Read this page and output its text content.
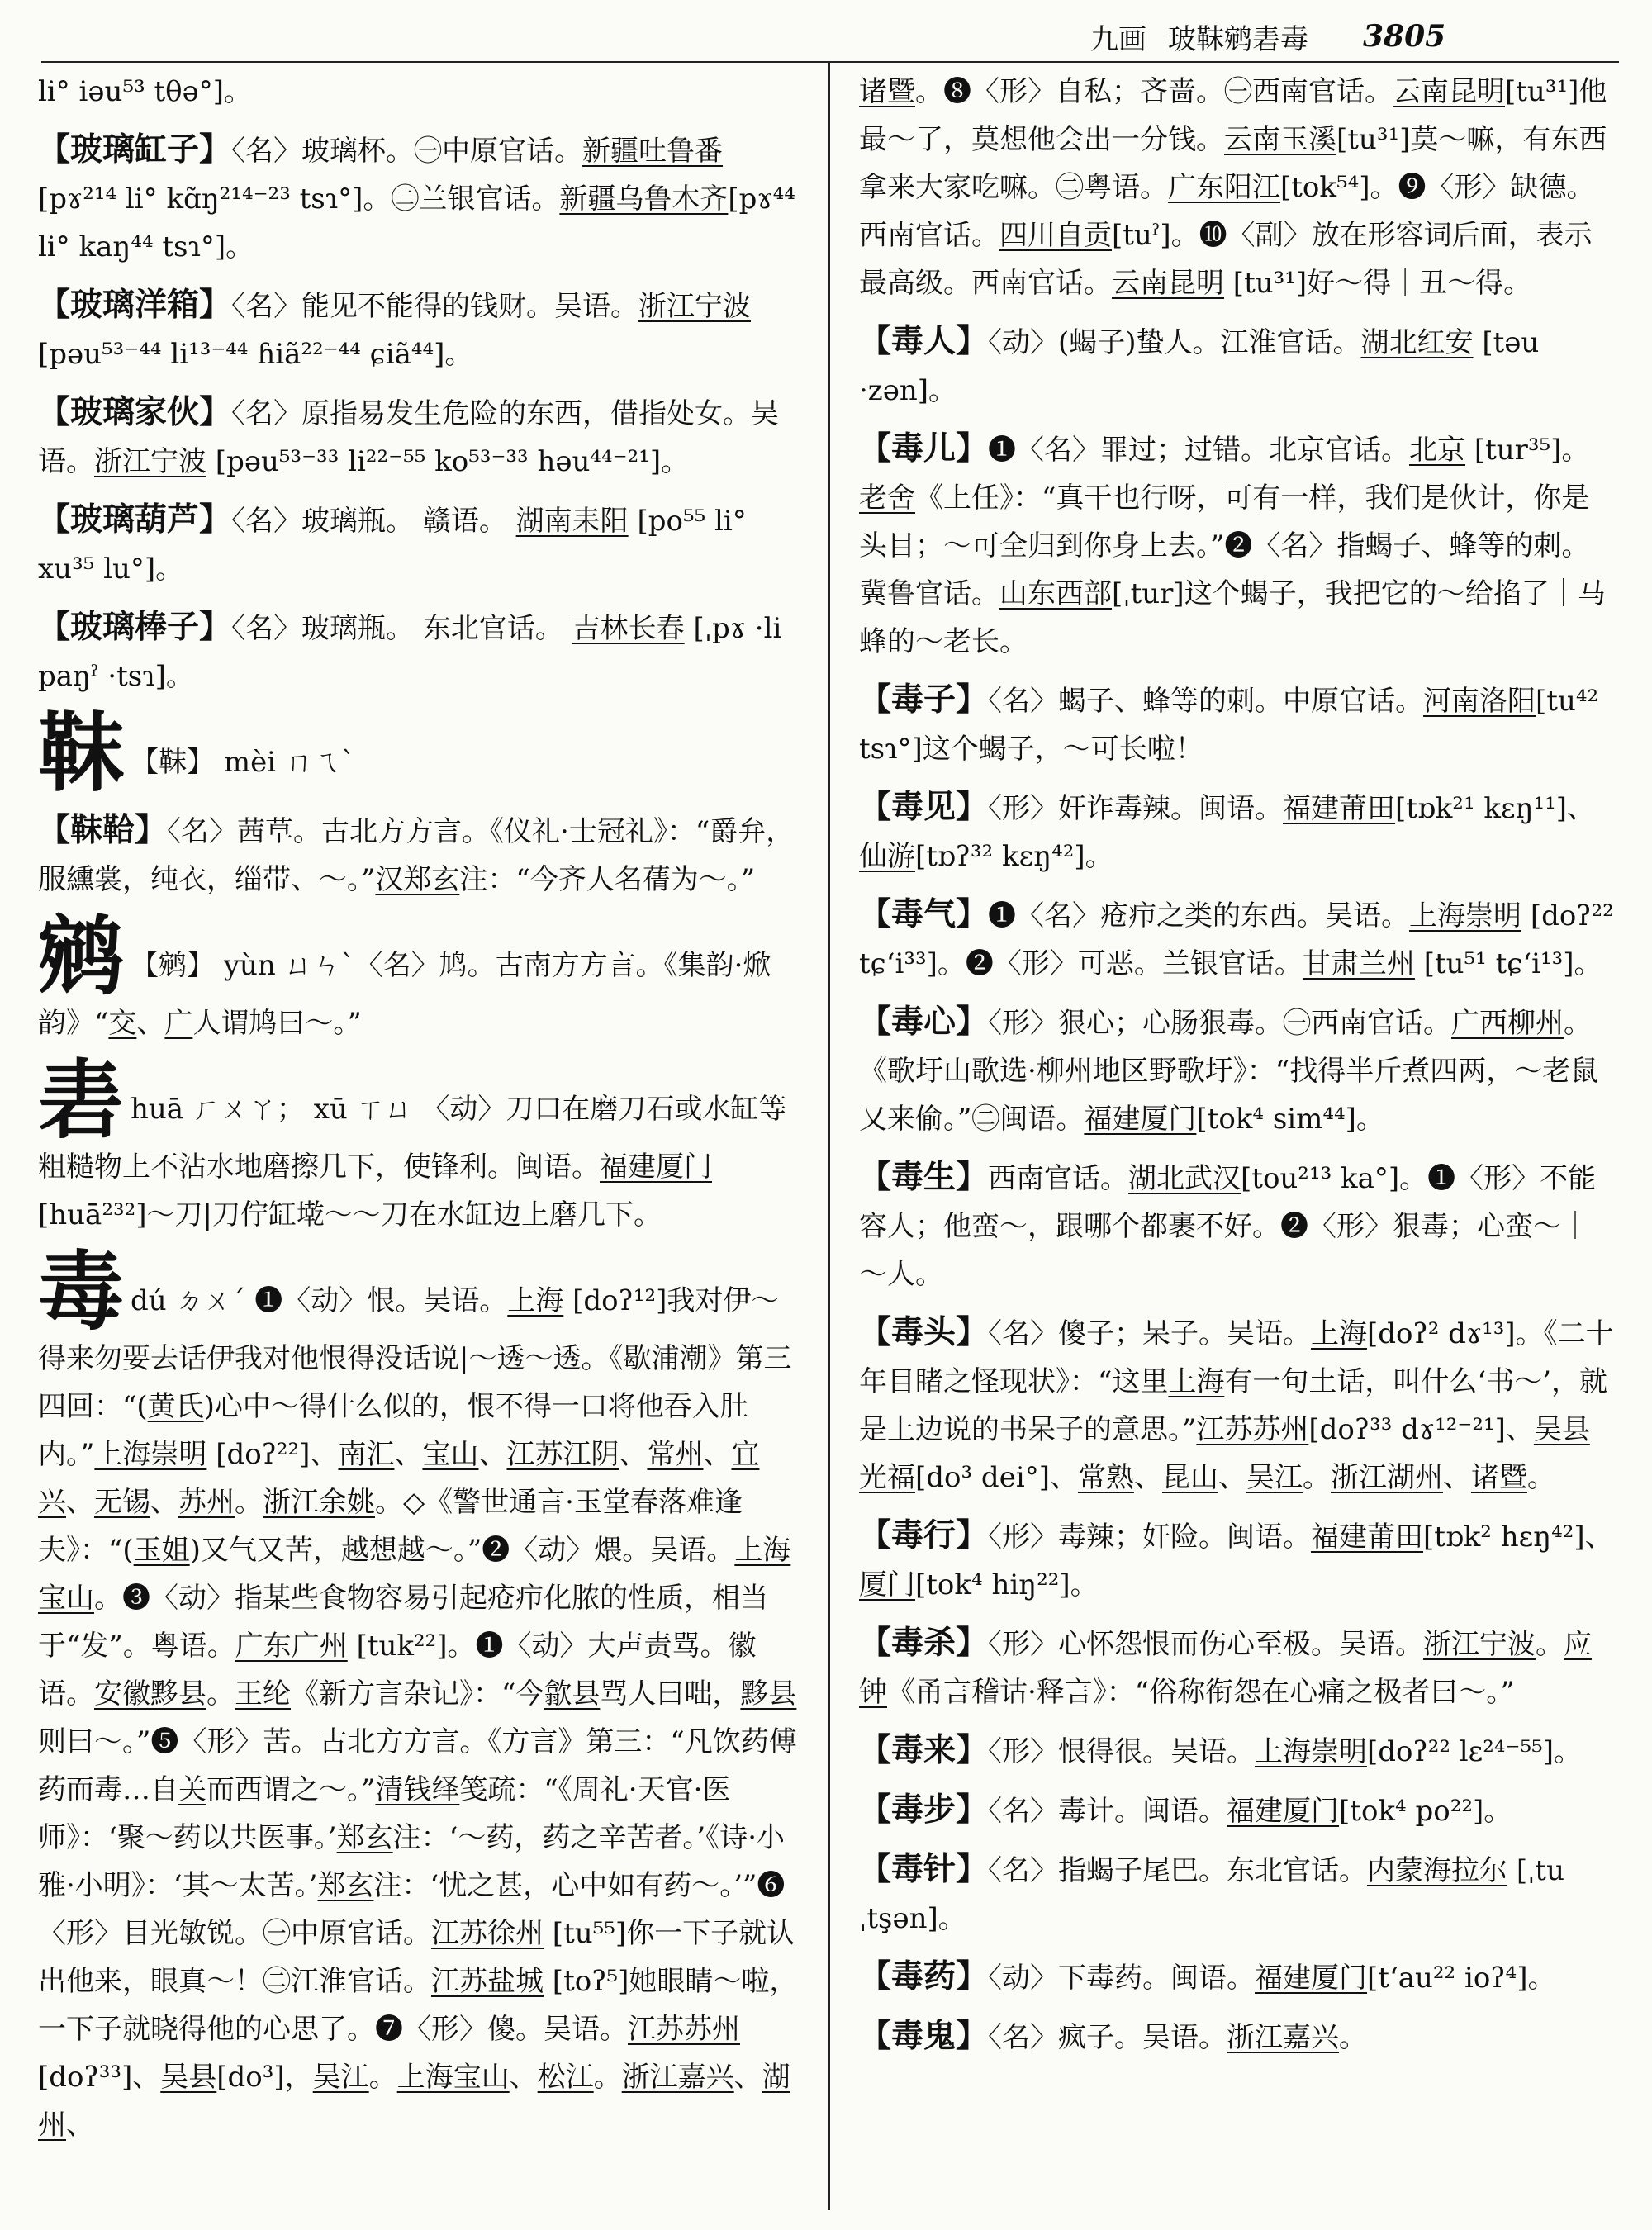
九画 玻靺鹓砉毒 3805

li° iəu⁵³ tθə°]。

【玻璃缸子】〈名〉玻璃杯。㊀中原官话。新疆吐鲁番[pɤ²¹⁴ li° kɑ̃ŋ²¹⁴⁻²³ tsɿ°]。㊁兰银官话。新疆乌鲁木齐[pɤ⁴⁴ li° kaŋ⁴⁴ tsɿ°]。

【玻璃洋箱】〈名〉能见不能得的钱财。吴语。浙江宁波[pəu⁵³⁻⁴⁴ li¹³⁻⁴⁴ ɦiã²²⁻⁴⁴ ɕiã⁴⁴]。

【玻璃家伙】〈名〉原指易发生危险的东西，借指处女。吴语。浙江宁波 [pəu⁵³⁻³³ li²²⁻⁵⁵ ko⁵³⁻³³ həu⁴⁴⁻²¹]。

【玻璃葫芦】〈名〉玻璃瓶。 赣语。 湖南耒阳 [po⁵⁵ li° xu³⁵ lu°]。

【玻璃棒子】〈名〉玻璃瓶。 东北官话。 吉林长春 [ˌpɤ ·li paŋˀ ·tsɿ]。

靺 【靺】 mèi ㄇㄟˋ

【靺鞈】〈名〉茜草。古北方方言。《仪礼·士冠礼》：“爵弁，服纁裳，纯衣，缁带、～。”汉郑玄注：“今齐人名蒨为～。”

鹓 【鹓】 yùn ㄩㄣˋ〈名〉鸠。古南方方言。《集韵·焮韵》“交、广人谓鸠曰～。”

砉huā ㄏㄨㄚ； xū ㄒㄩ 〈动〉刀口在磨刀石或水缸等粗糙物上不沾水地磨擦几下，使锋利。闽语。福建厦门[huā²³²]～刀|刀佇缸墘～～刀在水缸边上磨几下。

毒dú ㄉㄨˊ ❶〈动〉恨。吴语。上海 [doʔ¹²]我对伊～得来勿要去话伊我对他恨得没话说|～透～透。《歇浦潮》第三四回：“(黄氏)心中～得什么似的，恨不得一口将他吞入肚内。”上海崇明 [doʔ²²]、南汇、宝山、江苏江阴、常州、宜兴、无锡、苏州。浙江余姚。◇《警世通言·玉堂春落难逢夫》：“(玉姐)又气又苦，越想越～。”❷〈动〉煨。吴语。上海宝山。❸〈动〉指某些食物容易引起疮疖化脓的性质，相当于“发”。粤语。广东广州 [tuk²²]。❶〈动〉大声责骂。徽语。安徽黟县。王纶《新方言杂记》：“今歙县骂人曰咄，黟县则曰～。”❺〈形〉苦。古北方方言。《方言》第三：“凡饮药傅药而毒…自关而西谓之～。”清钱绎笺疏：“《周礼·天官·医师》：‘聚～药以共医事。’郑玄注：‘～药，药之辛苦者。’《诗·小雅·小明》：‘其～太苦。’郑玄注：‘忧之甚，心中如有药～。’”❻〈形〉目光敏锐。㊀中原官话。江苏徐州 [tu⁵⁵]你一下子就认出他来，眼真～！㊁江淮官话。江苏盐城 [toʔ⁵]她眼睛～啦，一下子就晓得他的心思了。❼〈形〉傻。吴语。江苏苏州 [doʔ³³]、吴县[do³]，吴江。上海宝山、松江。浙江嘉兴、湖州、

诸暨。❽〈形〉自私；吝啬。㊀西南官话。云南昆明[tu³¹]他最～了，莫想他会出一分钱。云南玉溪[tu³¹]莫～嘛，有东西拿来大家吃嘛。㊁粤语。广东阳江[tok⁵⁴]。❾〈形〉缺德。西南官话。四川自贡[tuˀ]。❿〈副〉放在形容词后面，表示最高级。西南官话。云南昆明 [tu³¹]好～得｜丑～得。

【毒人】〈动〉(蝎子)蛰人。江淮官话。湖北红安 [təu ·zən]。

【毒儿】❶〈名〉罪过；过错。北京官话。北京 [tur³⁵]。老舍《上任》：“真干也行呀，可有一样，我们是伙计，你是头目；～可全归到你身上去。”❷〈名〉指蝎子、蜂等的刺。冀鲁官话。山东西部[ˌtur]这个蝎子，我把它的～给掐了｜马蜂的～老长。

【毒子】〈名〉蝎子、蜂等的刺。中原官话。河南洛阳[tu⁴² tsɿ°]这个蝎子，～可长啦！

【毒见】〈形〉奸诈毒辣。闽语。福建莆田[tɒk²¹ kɛŋ¹¹]、仙游[tɒʔ³² kɛŋ⁴²]。

【毒气】❶〈名〉疮疖之类的东西。吴语。上海崇明 [doʔ²² tɕ‘i³³]。❷〈形〉可恶。兰银官话。甘肃兰州 [tu⁵¹ tɕ‘i¹³]。

【毒心】〈形〉狠心；心肠狠毒。㊀西南官话。广西柳州。《歌圩山歌选·柳州地区野歌圩》：“找得半斤煮四两，～老鼠又来偷。”㊁闽语。福建厦门[tok⁴ sim⁴⁴]。

【毒生】西南官话。湖北武汉[tou²¹³ ka°]。❶〈形〉不能容人；他蛮～，跟哪个都裹不好。❷〈形〉狠毒；心蛮～｜～人。

【毒头】〈名〉傻子；呆子。吴语。上海[doʔ² dɤ¹³]。《二十年目睹之怪现状》：“这里上海有一句土话，叫什么‘书～’，就是上边说的书呆子的意思。”江苏苏州[doʔ³³ dɤ¹²⁻²¹]、吴县光福[do³ dei°]、常熟、昆山、吴江。浙江湖州、诸暨。

【毒行】〈形〉毒辣；奸险。闽语。福建莆田[tɒk² hɛŋ⁴²]、厦门[tok⁴ hiŋ²²]。

【毒杀】〈形〉心怀怨恨而伤心至极。吴语。浙江宁波。应钟《甬言稽诂·释言》：“俗称衔怨在心痛之极者曰～。”

【毒来】〈形〉恨得很。吴语。上海崇明[doʔ²² lɛ²⁴⁻⁵⁵]。

【毒步】〈名〉毒计。闽语。福建厦门[tok⁴ po²²]。

【毒针】〈名〉指蝎子尾巴。东北官话。内蒙海拉尔 [ˌtu ˌtşən]。

【毒药】〈动〉下毒药。闽语。福建厦门[t‘au²² ioʔ⁴]。

【毒鬼】〈名〉疯子。吴语。浙江嘉兴。
